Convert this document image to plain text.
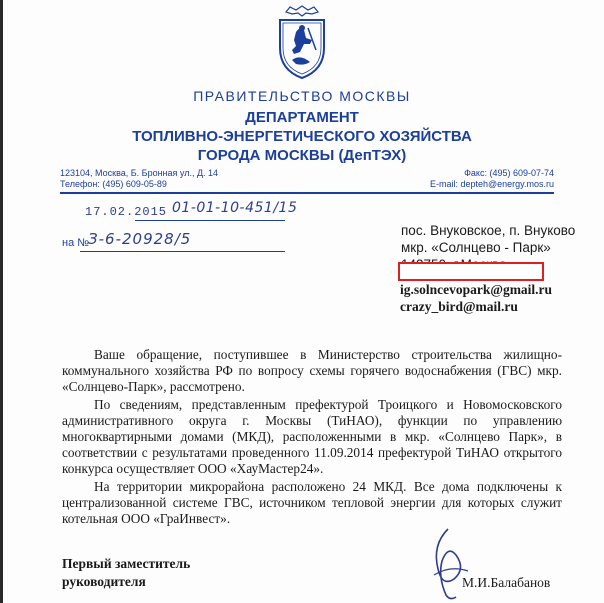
ПРАВИТЕЛЬСТВО МОСКВЫ
ДЕПАРТАМЕНТ
ТОПЛИВНО-ЭНЕРГЕТИЧЕСКОГО ХОЗЯЙСТВА
ГОРОДА МОСКВЫ (ДепТЭХ)
123104, Москва, Б. Бронная ул., Д. 14
Телефон: (495) 609-05-89
Факс: (495) 609-07-74
E-mail: depteh@energy.mos.ru
17.02.2015 01-01-10-451/15
на №
З-6-20928/5	пос. Внуковское, п. Внуково
мкр. «Солнцево - Парк»
ig.solncevopark@gmail.ru
crazy_bird@mail.ru

Ваше обращение, поступившее в Министерство строительства жилищно-коммунального хозяйства РФ по вопросу схемы горячего водоснабжения (ГВС) мкр. «Солнцево-Парк», рассмотрено.

По сведениям, представленным префектурой Троицкого и Новомосковского административного округа г. Москвы (ТиНАО), функции по управлению многоквартирными домами (МКД), расположенными в мкр. «Солнцево Парк», в соответствии с результатами проведенного 11.09.2014 префектурой ТиНАО открытого конкурса осуществляет ООО «ХауМастер24».

На территории микрорайона расположено 24 МКД. Все дома подключены к централизованной системе ГВС, источником тепловой энергии для которых служит котельная ООО «ГраИнвест».

Первый заместитель
руководителя	М.И.Балабанов
